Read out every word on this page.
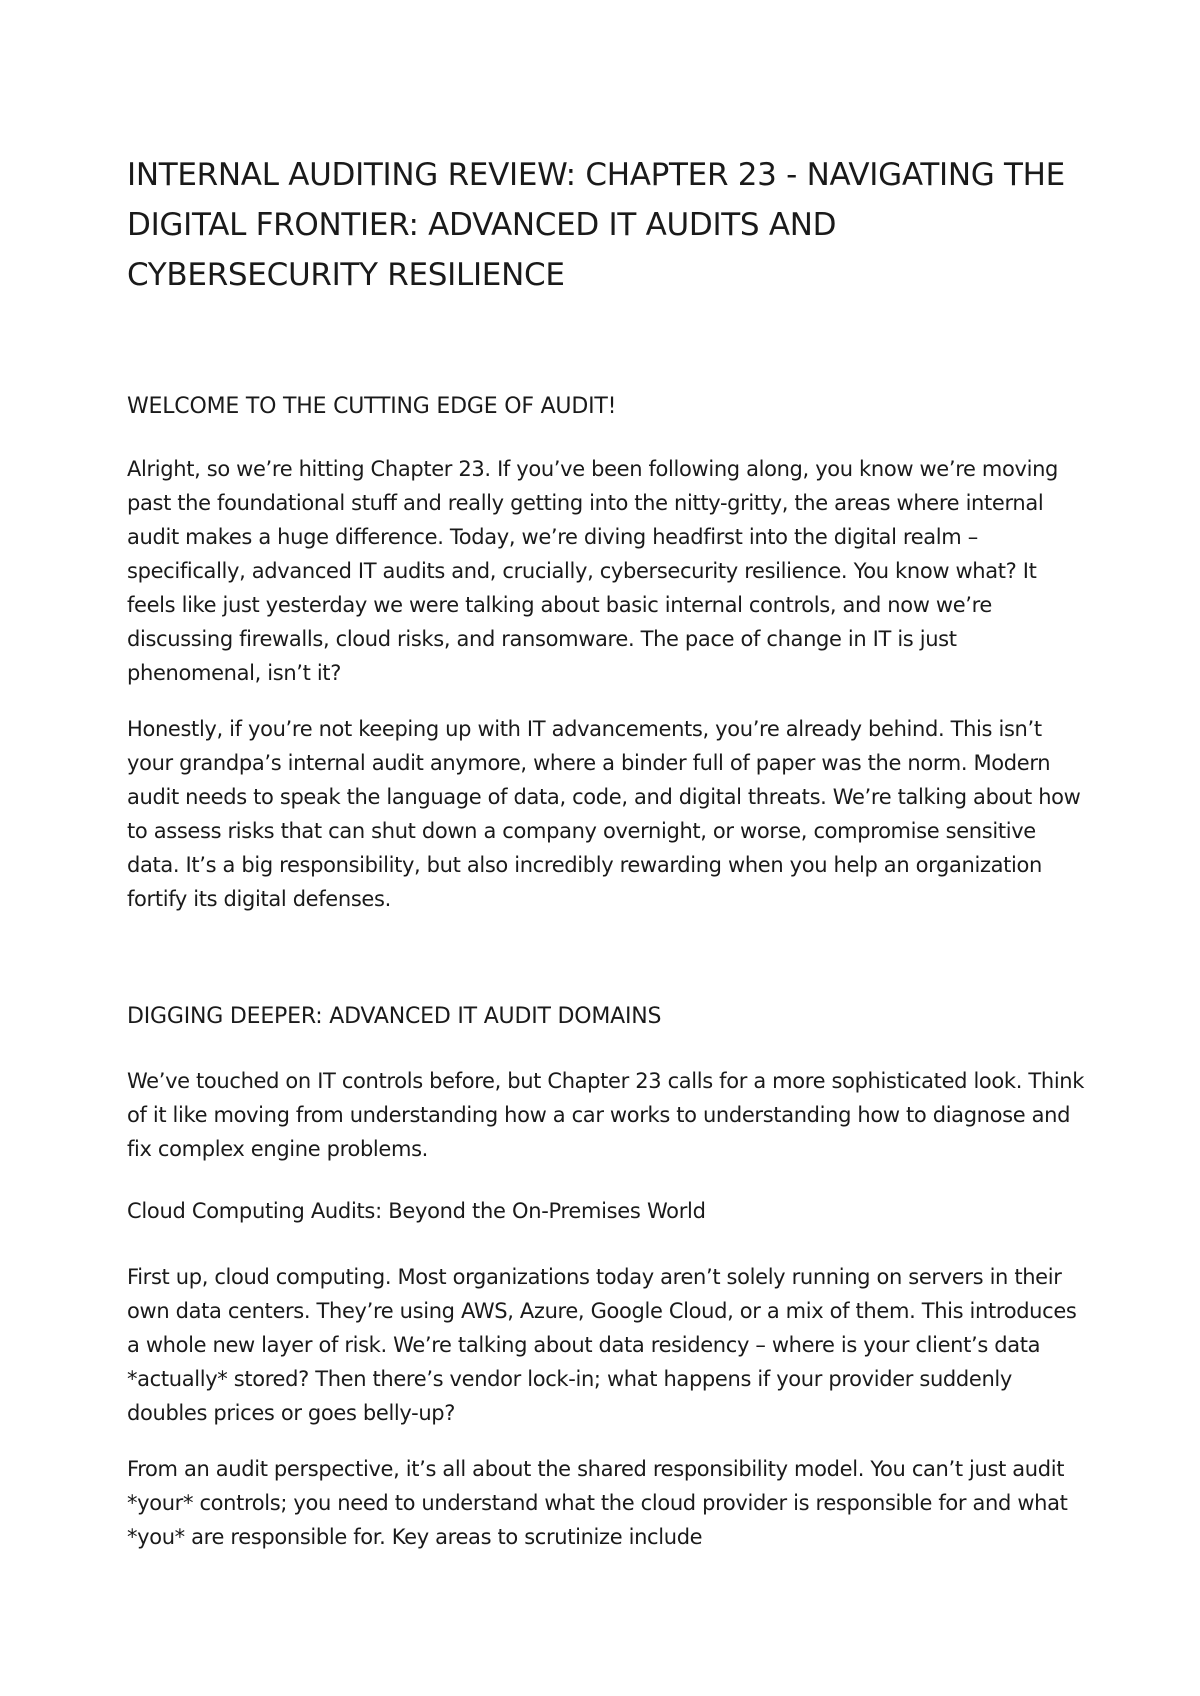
INTERNAL AUDITING REVIEW: CHAPTER 23 - NAVIGATING THE DIGITAL FRONTIER: ADVANCED IT AUDITS AND CYBERSECURITY RESILIENCE
WELCOME TO THE CUTTING EDGE OF AUDIT!

Alright, so we’re hitting Chapter 23. If you’ve been following along, you know we’re moving past the foundational stuff and really getting into the nitty-gritty, the areas where internal audit makes a huge difference. Today, we’re diving headfirst into the digital realm – specifically, advanced IT audits and, crucially, cybersecurity resilience. You know what? It feels like just yesterday we were talking about basic internal controls, and now we’re discussing firewalls, cloud risks, and ransomware. The pace of change in IT is just phenomenal, isn’t it?

Honestly, if you’re not keeping up with IT advancements, you’re already behind. This isn’t your grandpa’s internal audit anymore, where a binder full of paper was the norm. Modern audit needs to speak the language of data, code, and digital threats. We’re talking about how to assess risks that can shut down a company overnight, or worse, compromise sensitive data. It’s a big responsibility, but also incredibly rewarding when you help an organization fortify its digital defenses.

DIGGING DEEPER: ADVANCED IT AUDIT DOMAINS

We’ve touched on IT controls before, but Chapter 23 calls for a more sophisticated look. Think of it like moving from understanding how a car works to understanding how to diagnose and fix complex engine problems.

Cloud Computing Audits: Beyond the On-Premises World

First up, cloud computing. Most organizations today aren’t solely running on servers in their own data centers. They’re using AWS, Azure, Google Cloud, or a mix of them. This introduces a whole new layer of risk. We’re talking about data residency – where is your client’s data *actually* stored? Then there’s vendor lock-in; what happens if your provider suddenly doubles prices or goes belly-up?

From an audit perspective, it’s all about the shared responsibility model. You can’t just audit *your* controls; you need to understand what the cloud provider is responsible for and what *you* are responsible for. Key areas to scrutinize include
